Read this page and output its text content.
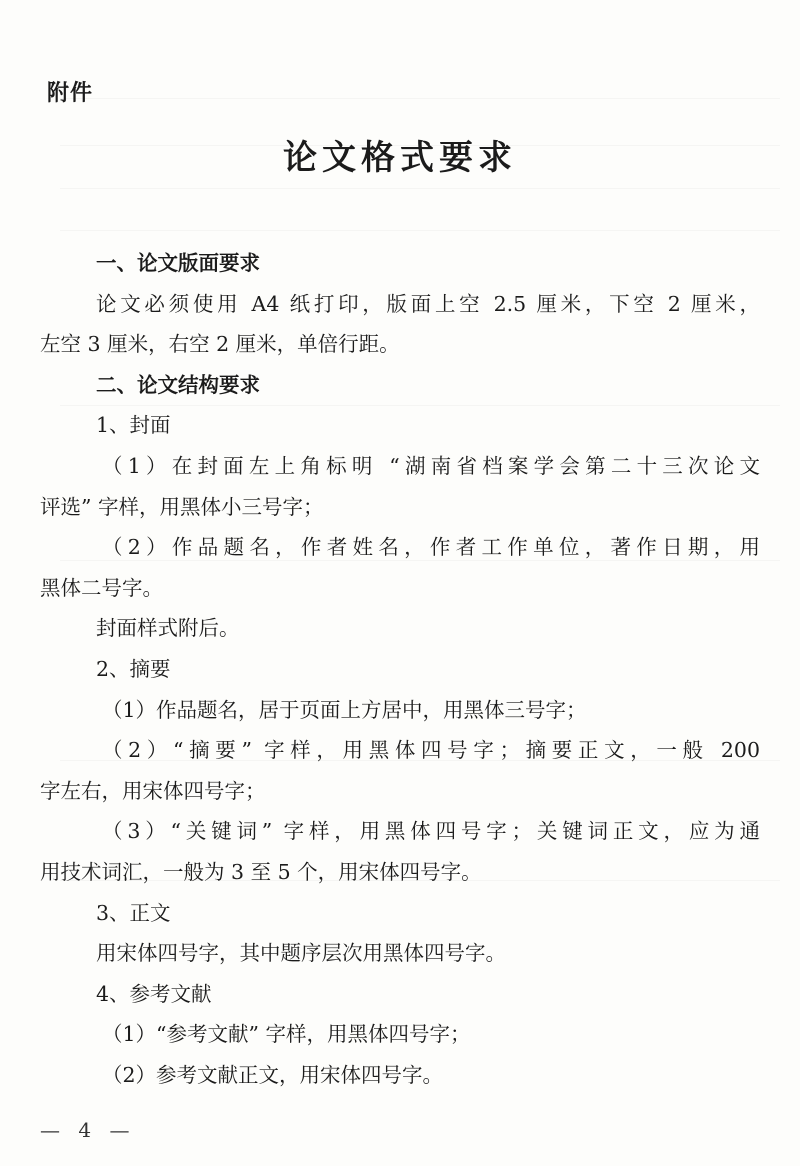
附件
论文格式要求
一、论文版面要求
论文必须使用 A4 纸打印，版面上空 2.5 厘米，下空 2 厘米，
左空 3 厘米，右空 2 厘米，单倍行距。
二、论文结构要求
1、封面
（1）在封面左上角标明 “湖南省档案学会第二十三次论文
评选” 字样，用黑体小三号字；
（2）作品题名，作者姓名，作者工作单位，著作日期，用
黑体二号字。
封面样式附后。
2、摘要
（1）作品题名，居于页面上方居中，用黑体三号字；
（2）“摘要” 字样，用黑体四号字；摘要正文，一般 200
字左右，用宋体四号字；
（3）“关键词” 字样，用黑体四号字；关键词正文，应为通
用技术词汇，一般为 3 至 5 个，用宋体四号字。
3、正文
用宋体四号字，其中题序层次用黑体四号字。
4、参考文献
（1）“参考文献” 字样，用黑体四号字；
（2）参考文献正文，用宋体四号字。
— 4 —
